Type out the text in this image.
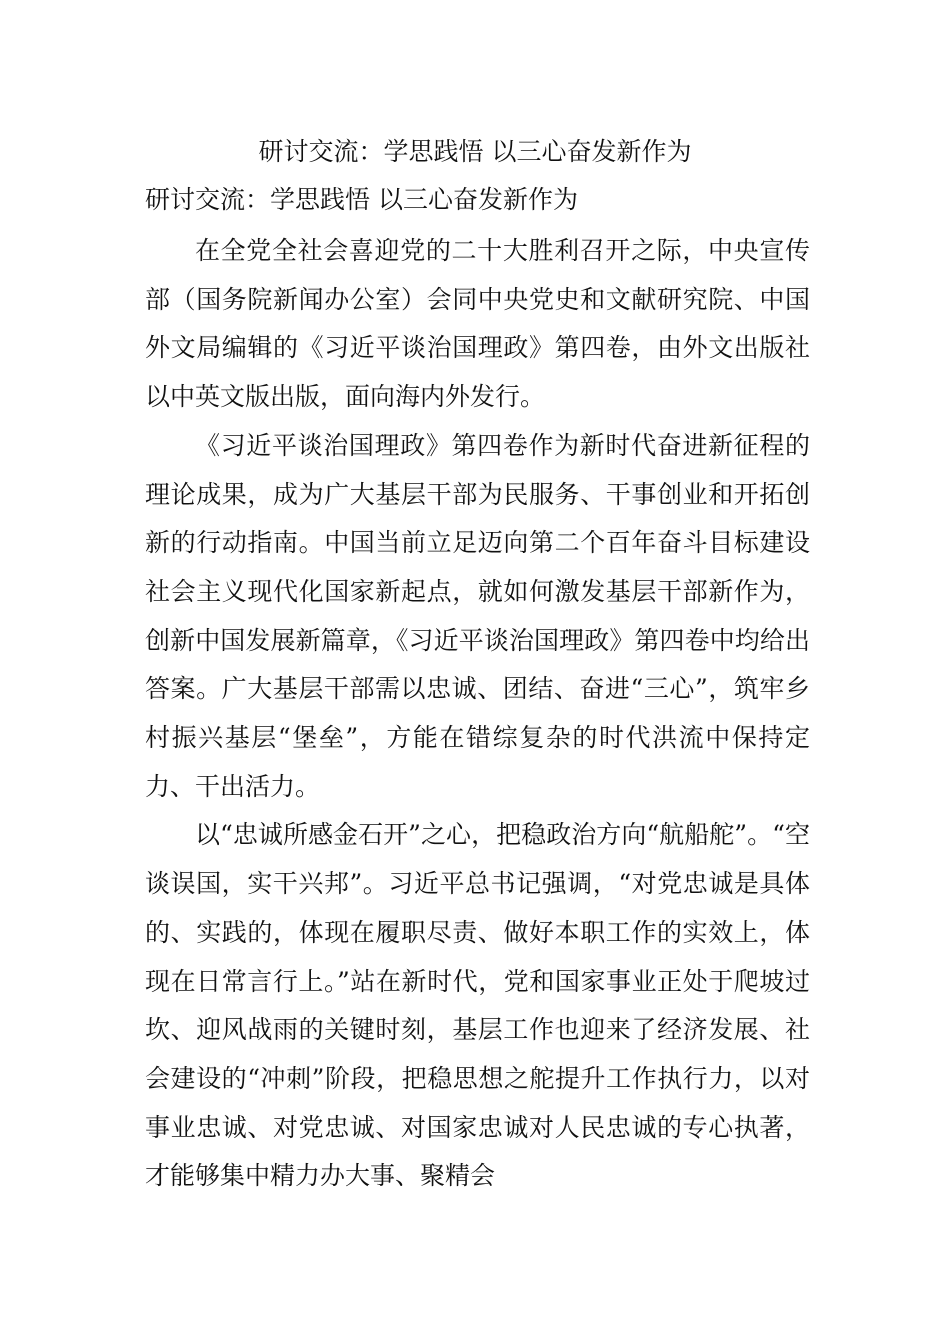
研讨交流：学思践悟 以三心奋发新作为
研讨交流：学思践悟 以三心奋发新作为

在全党全社会喜迎党的二十大胜利召开之际，中央宣传部（国务院新闻办公室）会同中央党史和文献研究院、中国外文局编辑的《习近平谈治国理政》第四卷，由外文出版社以中英文版出版，面向海内外发行。

《习近平谈治国理政》第四卷作为新时代奋进新征程的理论成果，成为广大基层干部为民服务、干事创业和开拓创新的行动指南。中国当前立足迈向第二个百年奋斗目标建设社会主义现代化国家新起点，就如何激发基层干部新作为，创新中国发展新篇章，《习近平谈治国理政》第四卷中均给出答案。广大基层干部需以忠诚、团结、奋进“三心”，筑牢乡村振兴基层“堡垒”，方能在错综复杂的时代洪流中保持定力、干出活力。

以“忠诚所感金石开”之心，把稳政治方向“航船舵”。“空谈误国，实干兴邦”。习近平总书记强调，“对党忠诚是具体的、实践的，体现在履职尽责、做好本职工作的实效上，体现在日常言行上。”站在新时代，党和国家事业正处于爬坡过坎、迎风战雨的关键时刻，基层工作也迎来了经济发展、社会建设的“冲刺”阶段，把稳思想之舵提升工作执行力，以对事业忠诚、对党忠诚、对国家忠诚对人民忠诚的专心执著，才能够集中精力办大事、聚精会
